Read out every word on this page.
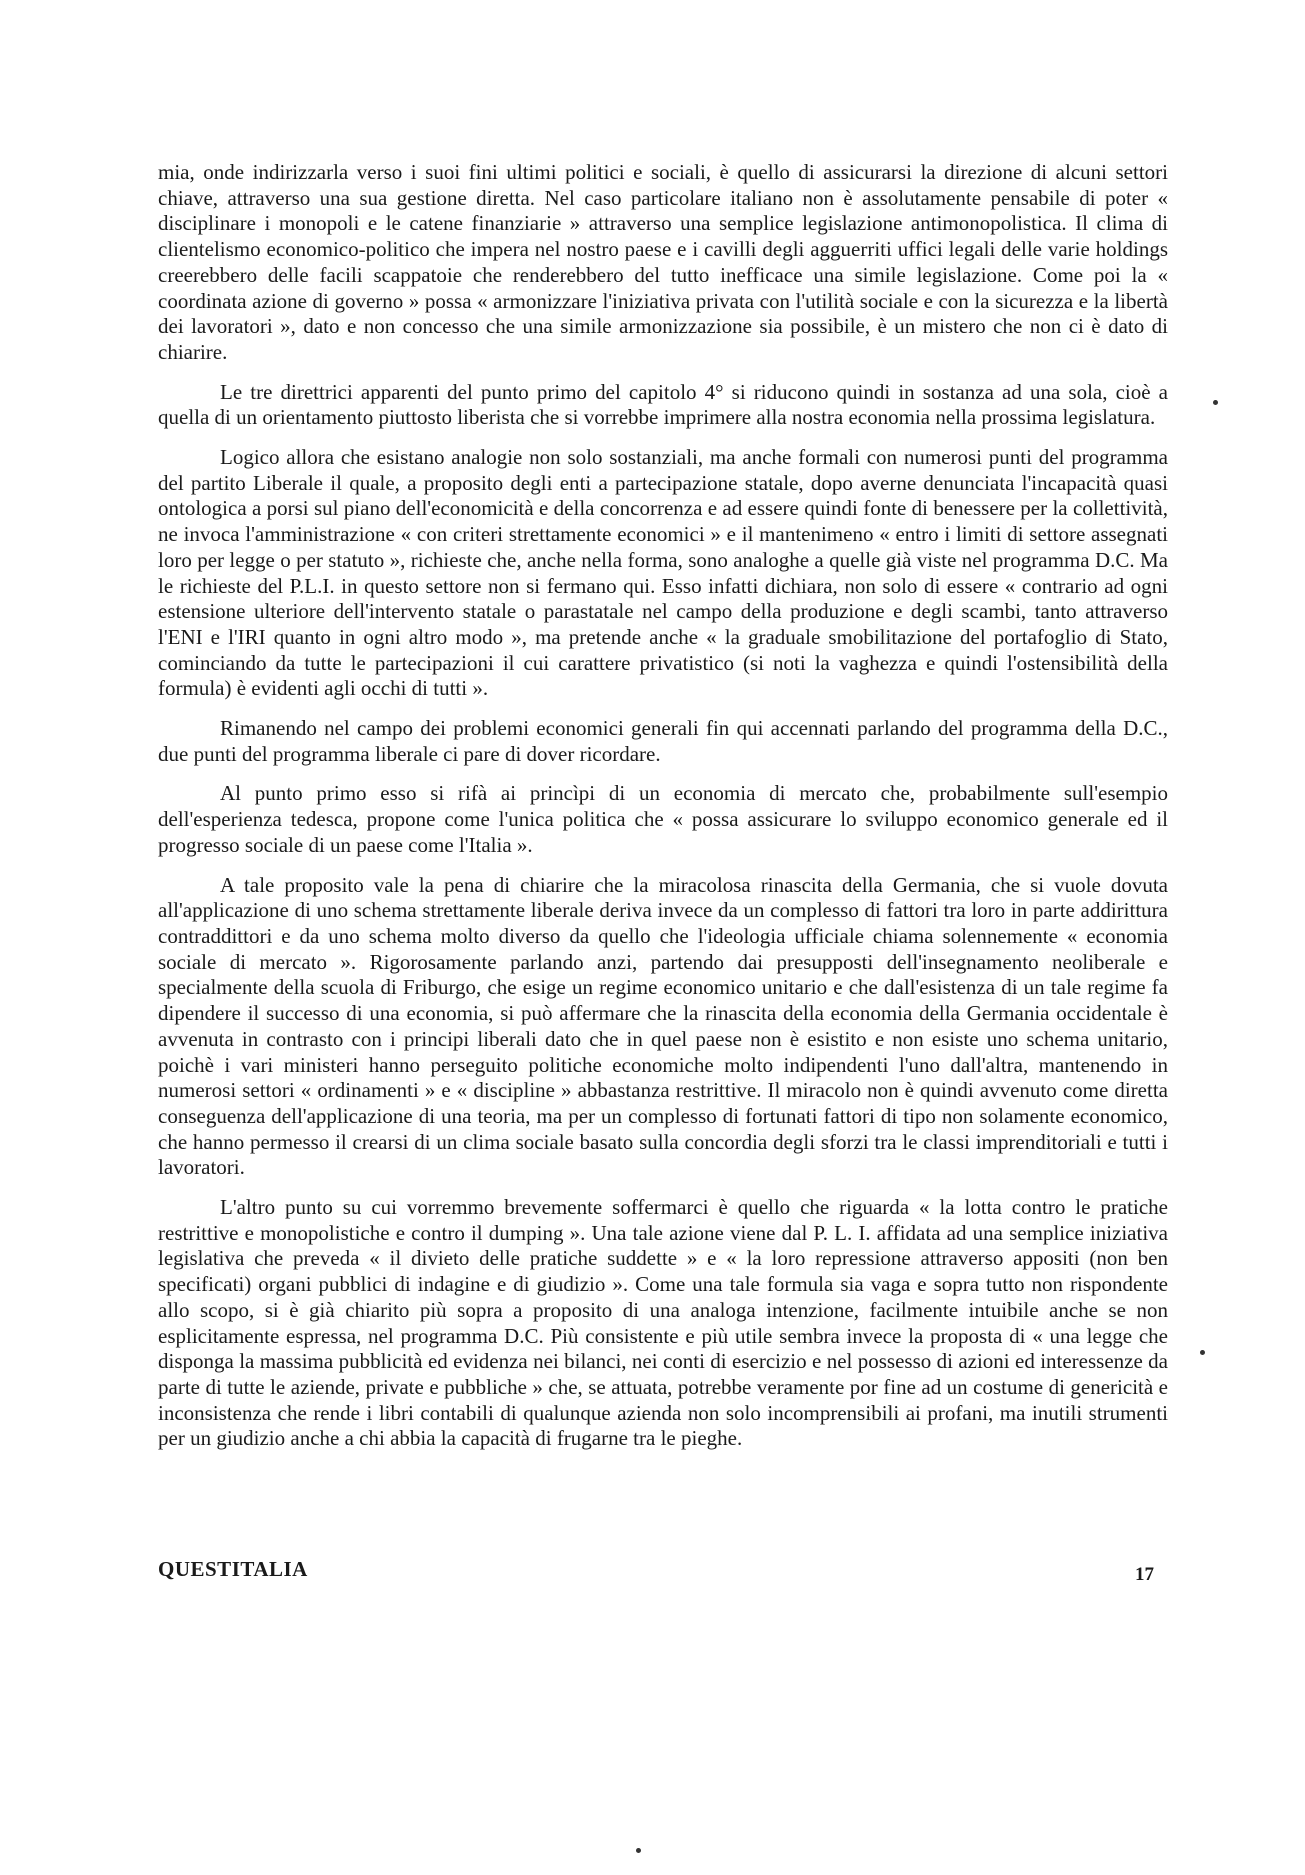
mia, onde indirizzarla verso i suoi fini ultimi politici e sociali, è quello di assicurarsi la direzione di alcuni settori chiave, attraverso una sua gestione diretta. Nel caso particolare italiano non è assolutamente pensabile di poter « disciplinare i monopoli e le catene finanziarie » attraverso una semplice legislazione antimonopolistica. Il clima di clientelismo economico-politico che impera nel nostro paese e i cavilli degli agguerriti uffici legali delle varie holdings creerebbero delle facili scappatoie che renderebbero del tutto inefficace una simile legislazione. Come poi la « coordinata azione di governo » possa « armonizzare l'iniziativa privata con l'utilità sociale e con la sicurezza e la libertà dei lavoratori », dato e non concesso che una simile armonizzazione sia possibile, è un mistero che non ci è dato di chiarire.

Le tre direttrici apparenti del punto primo del capitolo 4° si riducono quindi in sostanza ad una sola, cioè a quella di un orientamento piuttosto liberista che si vorrebbe imprimere alla nostra economia nella prossima legislatura.

Logico allora che esistano analogie non solo sostanziali, ma anche formali con numerosi punti del programma del partito Liberale il quale, a proposito degli enti a partecipazione statale, dopo averne denunciata l'incapacità quasi ontologica a porsi sul piano dell'economicità e della concorrenza e ad essere quindi fonte di benessere per la collettività, ne invoca l'amministrazione « con criteri strettamente economici » e il mantenimeno « entro i limiti di settore assegnati loro per legge o per statuto », richieste che, anche nella forma, sono analoghe a quelle già viste nel programma D.C. Ma le richieste del P.L.I. in questo settore non si fermano qui. Esso infatti dichiara, non solo di essere « contrario ad ogni estensione ulteriore dell'intervento statale o parastatale nel campo della produzione e degli scambi, tanto attraverso l'ENI e l'IRI quanto in ogni altro modo », ma pretende anche « la graduale smobilitazione del portafoglio di Stato, cominciando da tutte le partecipazioni il cui carattere privatistico (si noti la vaghezza e quindi l'ostensibilità della formula) è evidenti agli occhi di tutti ».

Rimanendo nel campo dei problemi economici generali fin qui accennati parlando del programma della D.C., due punti del programma liberale ci pare di dover ricordare.

Al punto primo esso si rifà ai princìpi di un economia di mercato che, probabilmente sull'esempio dell'esperienza tedesca, propone come l'unica politica che « possa assicurare lo sviluppo economico generale ed il progresso sociale di un paese come l'Italia ».

A tale proposito vale la pena di chiarire che la miracolosa rinascita della Germania, che si vuole dovuta all'applicazione di uno schema strettamente liberale deriva invece da un complesso di fattori tra loro in parte addirittura contraddittori e da uno schema molto diverso da quello che l'ideologia ufficiale chiama solennemente « economia sociale di mercato ». Rigorosamente parlando anzi, partendo dai presupposti dell'insegnamento neoliberale e specialmente della scuola di Friburgo, che esige un regime economico unitario e che dall'esistenza di un tale regime fa dipendere il successo di una economia, si può affermare che la rinascita della economia della Germania occidentale è avvenuta in contrasto con i principi liberali dato che in quel paese non è esistito e non esiste uno schema unitario, poichè i vari ministeri hanno perseguito politiche economiche molto indipendenti l'uno dall'altra, mantenendo in numerosi settori « ordinamenti » e « discipline » abbastanza restrittive. Il miracolo non è quindi avvenuto come diretta conseguenza dell'applicazione di una teoria, ma per un complesso di fortunati fattori di tipo non solamente economico, che hanno permesso il crearsi di un clima sociale basato sulla concordia degli sforzi tra le classi imprenditoriali e tutti i lavoratori.

L'altro punto su cui vorremmo brevemente soffermarci è quello che riguarda « la lotta contro le pratiche restrittive e monopolistiche e contro il dumping ». Una tale azione viene dal P. L. I. affidata ad una semplice iniziativa legislativa che preveda « il divieto delle pratiche suddette » e « la loro repressione attraverso appositi (non ben specificati) organi pubblici di indagine e di giudizio ». Come una tale formula sia vaga e sopra tutto non rispondente allo scopo, si è già chiarito più sopra a proposito di una analoga intenzione, facilmente intuibile anche se non esplicitamente espressa, nel programma D.C. Più consistente e più utile sembra invece la proposta di « una legge che disponga la massima pubblicità ed evidenza nei bilanci, nei conti di esercizio e nel possesso di azioni ed interessenze da parte di tutte le aziende, private e pubbliche » che, se attuata, potrebbe veramente por fine ad un costume di genericità e inconsistenza che rende i libri contabili di qualunque azienda non solo incomprensibili ai profani, ma inutili strumenti per un giudizio anche a chi abbia la capacità di frugarne tra le pieghe.

QUESTITALIA	17
